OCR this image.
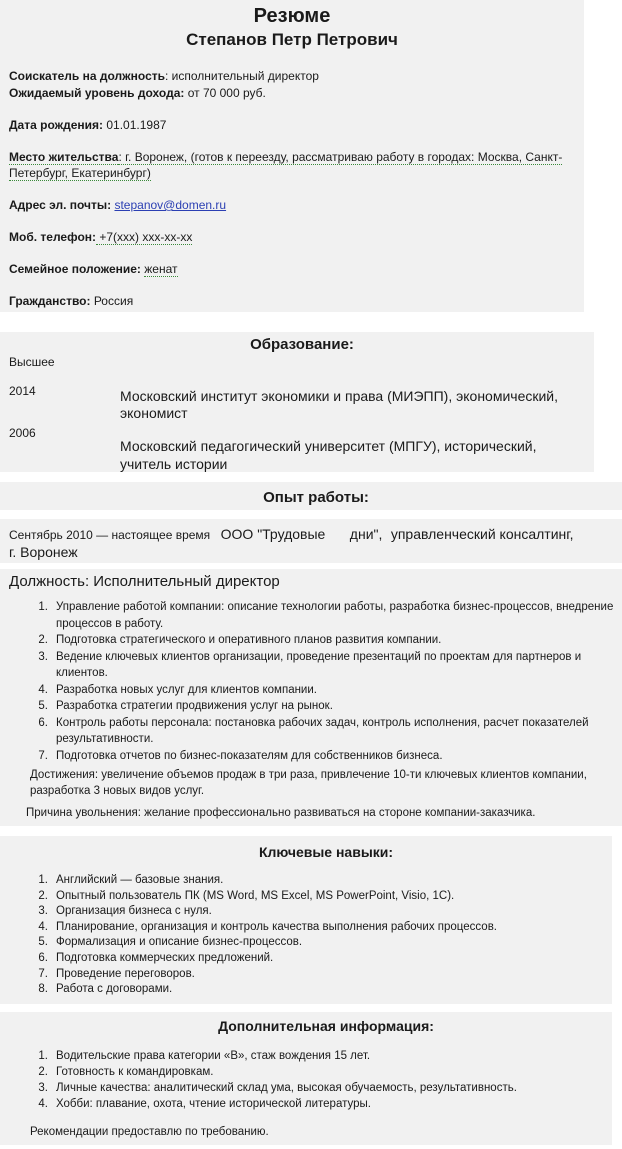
Резюме
Степанов Петр Петрович
Соискатель на должность: исполнительный директор
Ожидаемый уровень дохода: от 70 000 руб.
Дата рождения: 01.01.1987
Место жительства: г. Воронеж, (готов к переезду, рассматриваю работу в городах: Москва, Санкт-
Петербург, Екатеринбург)
Адрес эл. почты: stepanov@domen.ru
Моб. телефон: +7(xxx) xxx-xx-xx
Семейное положение: женат
Гражданство: Россия
Образование:
Высшее
2014	Московский институт экономики и права (МИЭПП), экономический,
экономист
2006
Московский педагогический университет (МПГУ), исторический,
учитель истории
Опыт работы:
Сентябрь 2010 — настоящее время ООО "Трудовые дни", управленческий консалтинг,
г. Воронеж
Должность: Исполнительный директор
1. Управление работой компании: описание технологии работы, разработка бизнес-процессов, внедрение
процессов в работу.
2. Подготовка стратегического и оперативного планов развития компании.
3. Ведение ключевых клиентов организации, проведение презентаций по проектам для партнеров и
клиентов.
4. Разработка новых услуг для клиентов компании.
5. Разработка стратегии продвижения услуг на рынок.
6. Контроль работы персонала: постановка рабочих задач, контроль исполнения, расчет показателей
результативности.
7. Подготовка отчетов по бизнес-показателям для собственников бизнеса.
Достижения: увеличение объемов продаж в три раза, привлечение 10-ти ключевых клиентов компании,
разработка 3 новых видов услуг.
Причина увольнения: желание профессионально развиваться на стороне компании-заказчика.
Ключевые навыки:
1. Английский — базовые знания.
2. Опытный пользователь ПК (MS Word, MS Excel, MS PowerPoint, Visio, 1C).
3. Организация бизнеса с нуля.
4. Планирование, организация и контроль качества выполнения рабочих процессов.
5. Формализация и описание бизнес-процессов.
6. Подготовка коммерческих предложений.
7. Проведение переговоров.
8. Работа с договорами.
Дополнительная информация:
1. Водительские права категории «В», стаж вождения 15 лет.
2. Готовность к командировкам.
3. Личные качества: аналитический склад ума, высокая обучаемость, результативность.
4. Хобби: плавание, охота, чтение исторической литературы.
Рекомендации предоставлю по требованию.
